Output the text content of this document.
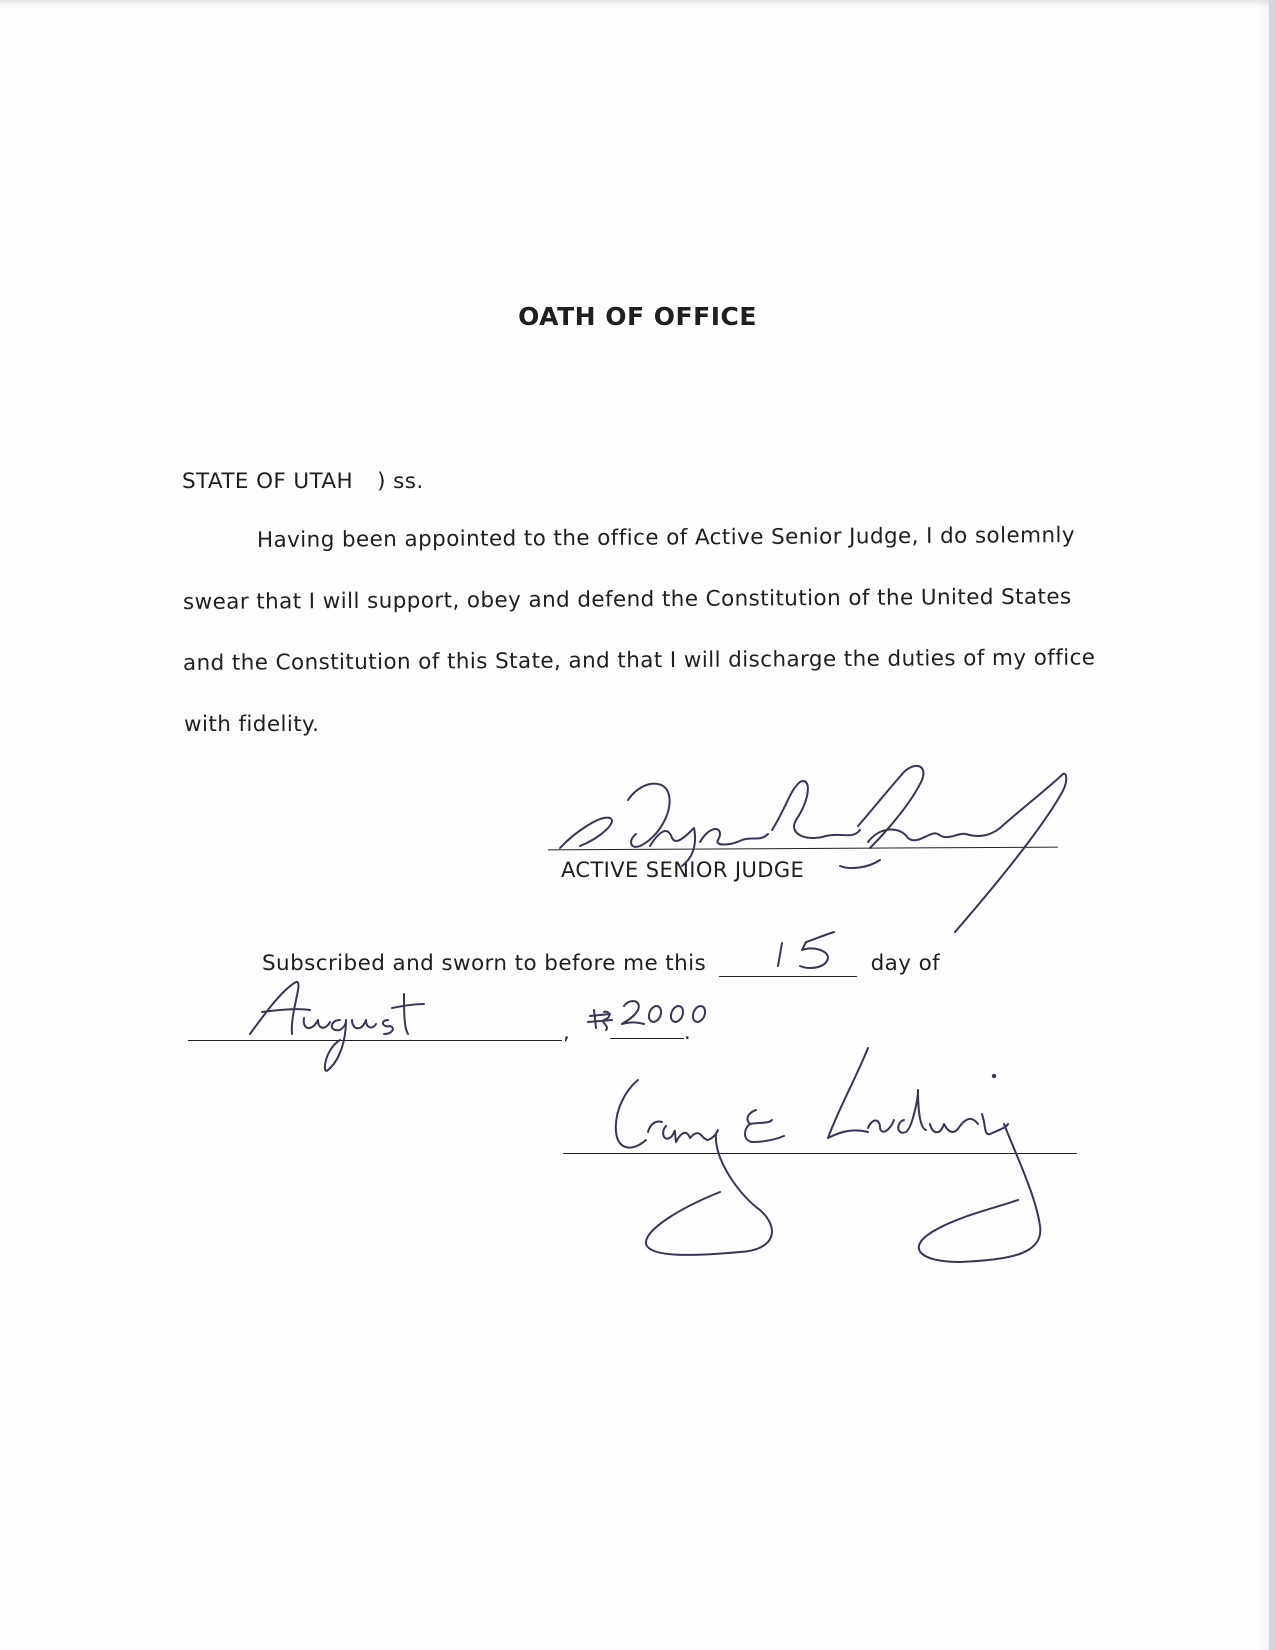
OATH OF OFFICE
STATE OF UTAH ) ss.
Having been appointed to the office of Active Senior Judge, I do solemnly
swear that I will support, obey and defend the Constitution of the United States
and the Constitution of this State, and that I will discharge the duties of my office
with fidelity.
ACTIVE SENIOR JUDGE
Subscribed and sworn to before me this	day of
,	.
